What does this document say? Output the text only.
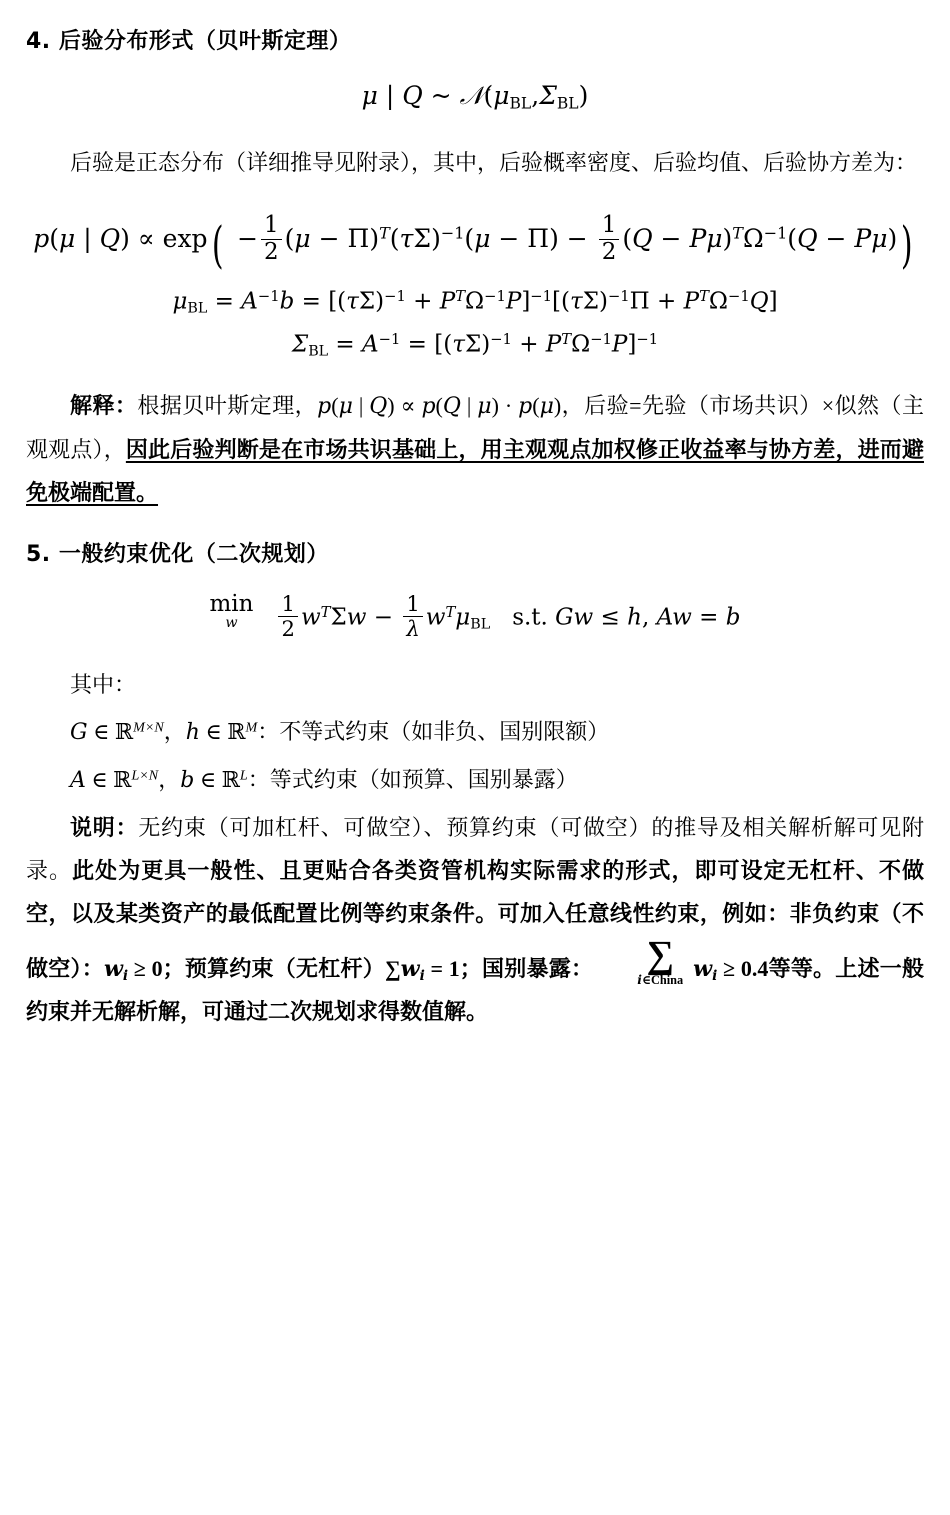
4. 后验分布形式（贝叶斯定理）
μ | Q ~ $𝒩(\mu_{BL},\Sigma_{BL})$

后验是正态分布（详细推导见附录），其中，后验概率密度、后验均值、后验协方差为：

p(μ | $Q) \propto \exp( - \frac{1}{2} (\mu - \Pi)^T(\tau\Sigma)^{-1}(\mu - \Pi) - \frac{1}{2} (Q - P\mu)^T\Omega^{-1}(Q - P\mu))$
$\mu_{BL} = A^{-1}b = [(\tau\Sigma)^{-1} + P^T\Omega^{-1}P]^{-1}[(\tau\Sigma)^{-1}\Pi + P^T\Omega^{-1}Q]$
$\Sigma_{BL} = A^{-1} = [(\tau\Sigma)^{-1} + P^T\Omega^{-1}P]^{-1}$

解释：根据贝叶斯定理，p(μ | Q) ∝ p(Q | μ) · p(μ)，后验=先验（市场共识）×似然（主观观点），因此后验判断是在市场共识基础上，用主观观点加权修正收益率与协方差，进而避免极端配置。

5. 一般约束优化（二次规划）
min
w	$\frac{1}{2} w^T\Sigma w - \frac{1}{\lambda} w^T\mu_{BL}$ s.t. Gw ≤ h, Aw = b

其中：

G ∈ ℝ$^{M\times N}$，h ∈ ℝ$^M$：不等式约束（如非负、国别限额）

A ∈ ℝ$^{L\times N}$，b ∈ ℝ$^L$：等式约束（如预算、国别暴露）

说明：无约束（可加杠杆、可做空）、预算约束（可做空）的推导及相关解析解可见附录。此处为更具一般性、且更贴合各类资管机构实际需求的形式，即可设定无杠杆、不做空，以及某类资产的最低配置比例等约束条件。可加入任意线性约束，例如：非负约束（不做空）：$w_i \ge 0$；预算约束（无杠杆）$\sum w_i = 1$；国别暴露：	∑
i∈China $w_i \ge 0.4$等等。上述一般约束并无解析解，可通过二次规划求得数值解。
